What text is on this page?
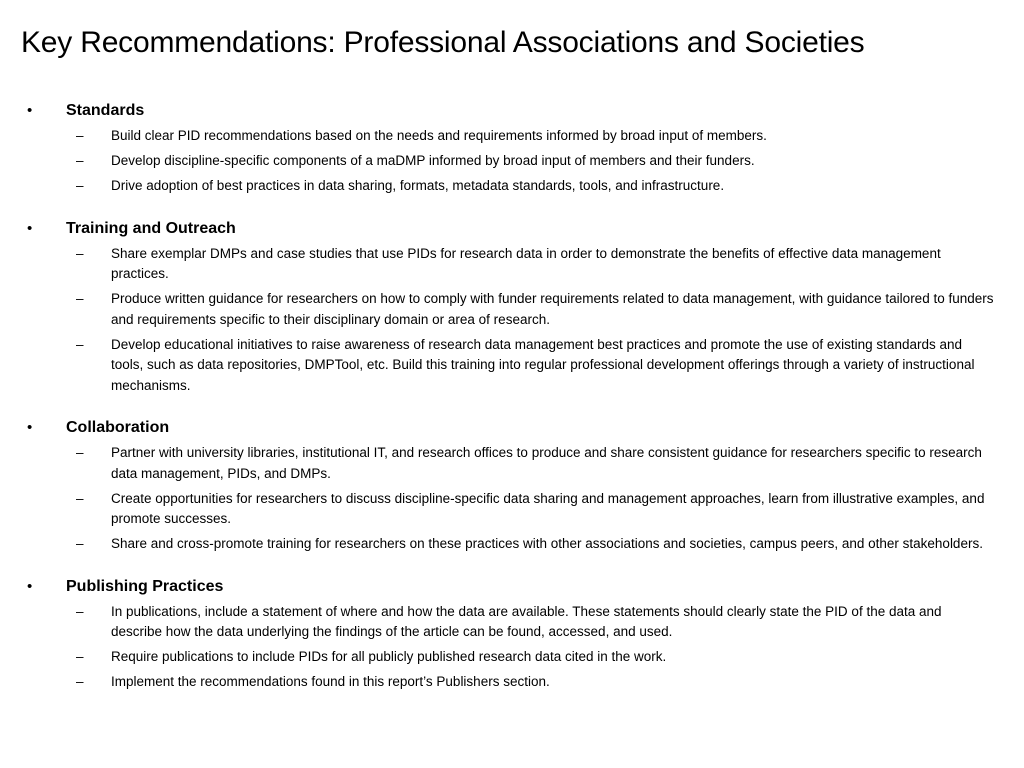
Key Recommendations: Professional Associations and Societies
• Standards
– Build clear PID recommendations based on the needs and requirements informed by broad input of members.
– Develop discipline-specific components of a maDMP informed by broad input of members and their funders.
– Drive adoption of best practices in data sharing, formats, metadata standards, tools, and infrastructure.
• Training and Outreach
– Share exemplar DMPs and case studies that use PIDs for research data in order to demonstrate the benefits of effective data management practices.
– Produce written guidance for researchers on how to comply with funder requirements related to data management, with guidance tailored to funders and requirements specific to their disciplinary domain or area of research.
– Develop educational initiatives to raise awareness of research data management best practices and promote the use of existing standards and tools, such as data repositories, DMPTool, etc. Build this training into regular professional development offerings through a variety of instructional mechanisms.
• Collaboration
– Partner with university libraries, institutional IT, and research offices to produce and share consistent guidance for researchers specific to research data management, PIDs, and DMPs.
– Create opportunities for researchers to discuss discipline-specific data sharing and management approaches, learn from illustrative examples, and promote successes.
– Share and cross-promote training for researchers on these practices with other associations and societies, campus peers, and other stakeholders.
• Publishing Practices
– In publications, include a statement of where and how the data are available. These statements should clearly state the PID of the data and describe how the data underlying the findings of the article can be found, accessed, and used.
– Require publications to include PIDs for all publicly published research data cited in the work.
– Implement the recommendations found in this report’s Publishers section.
